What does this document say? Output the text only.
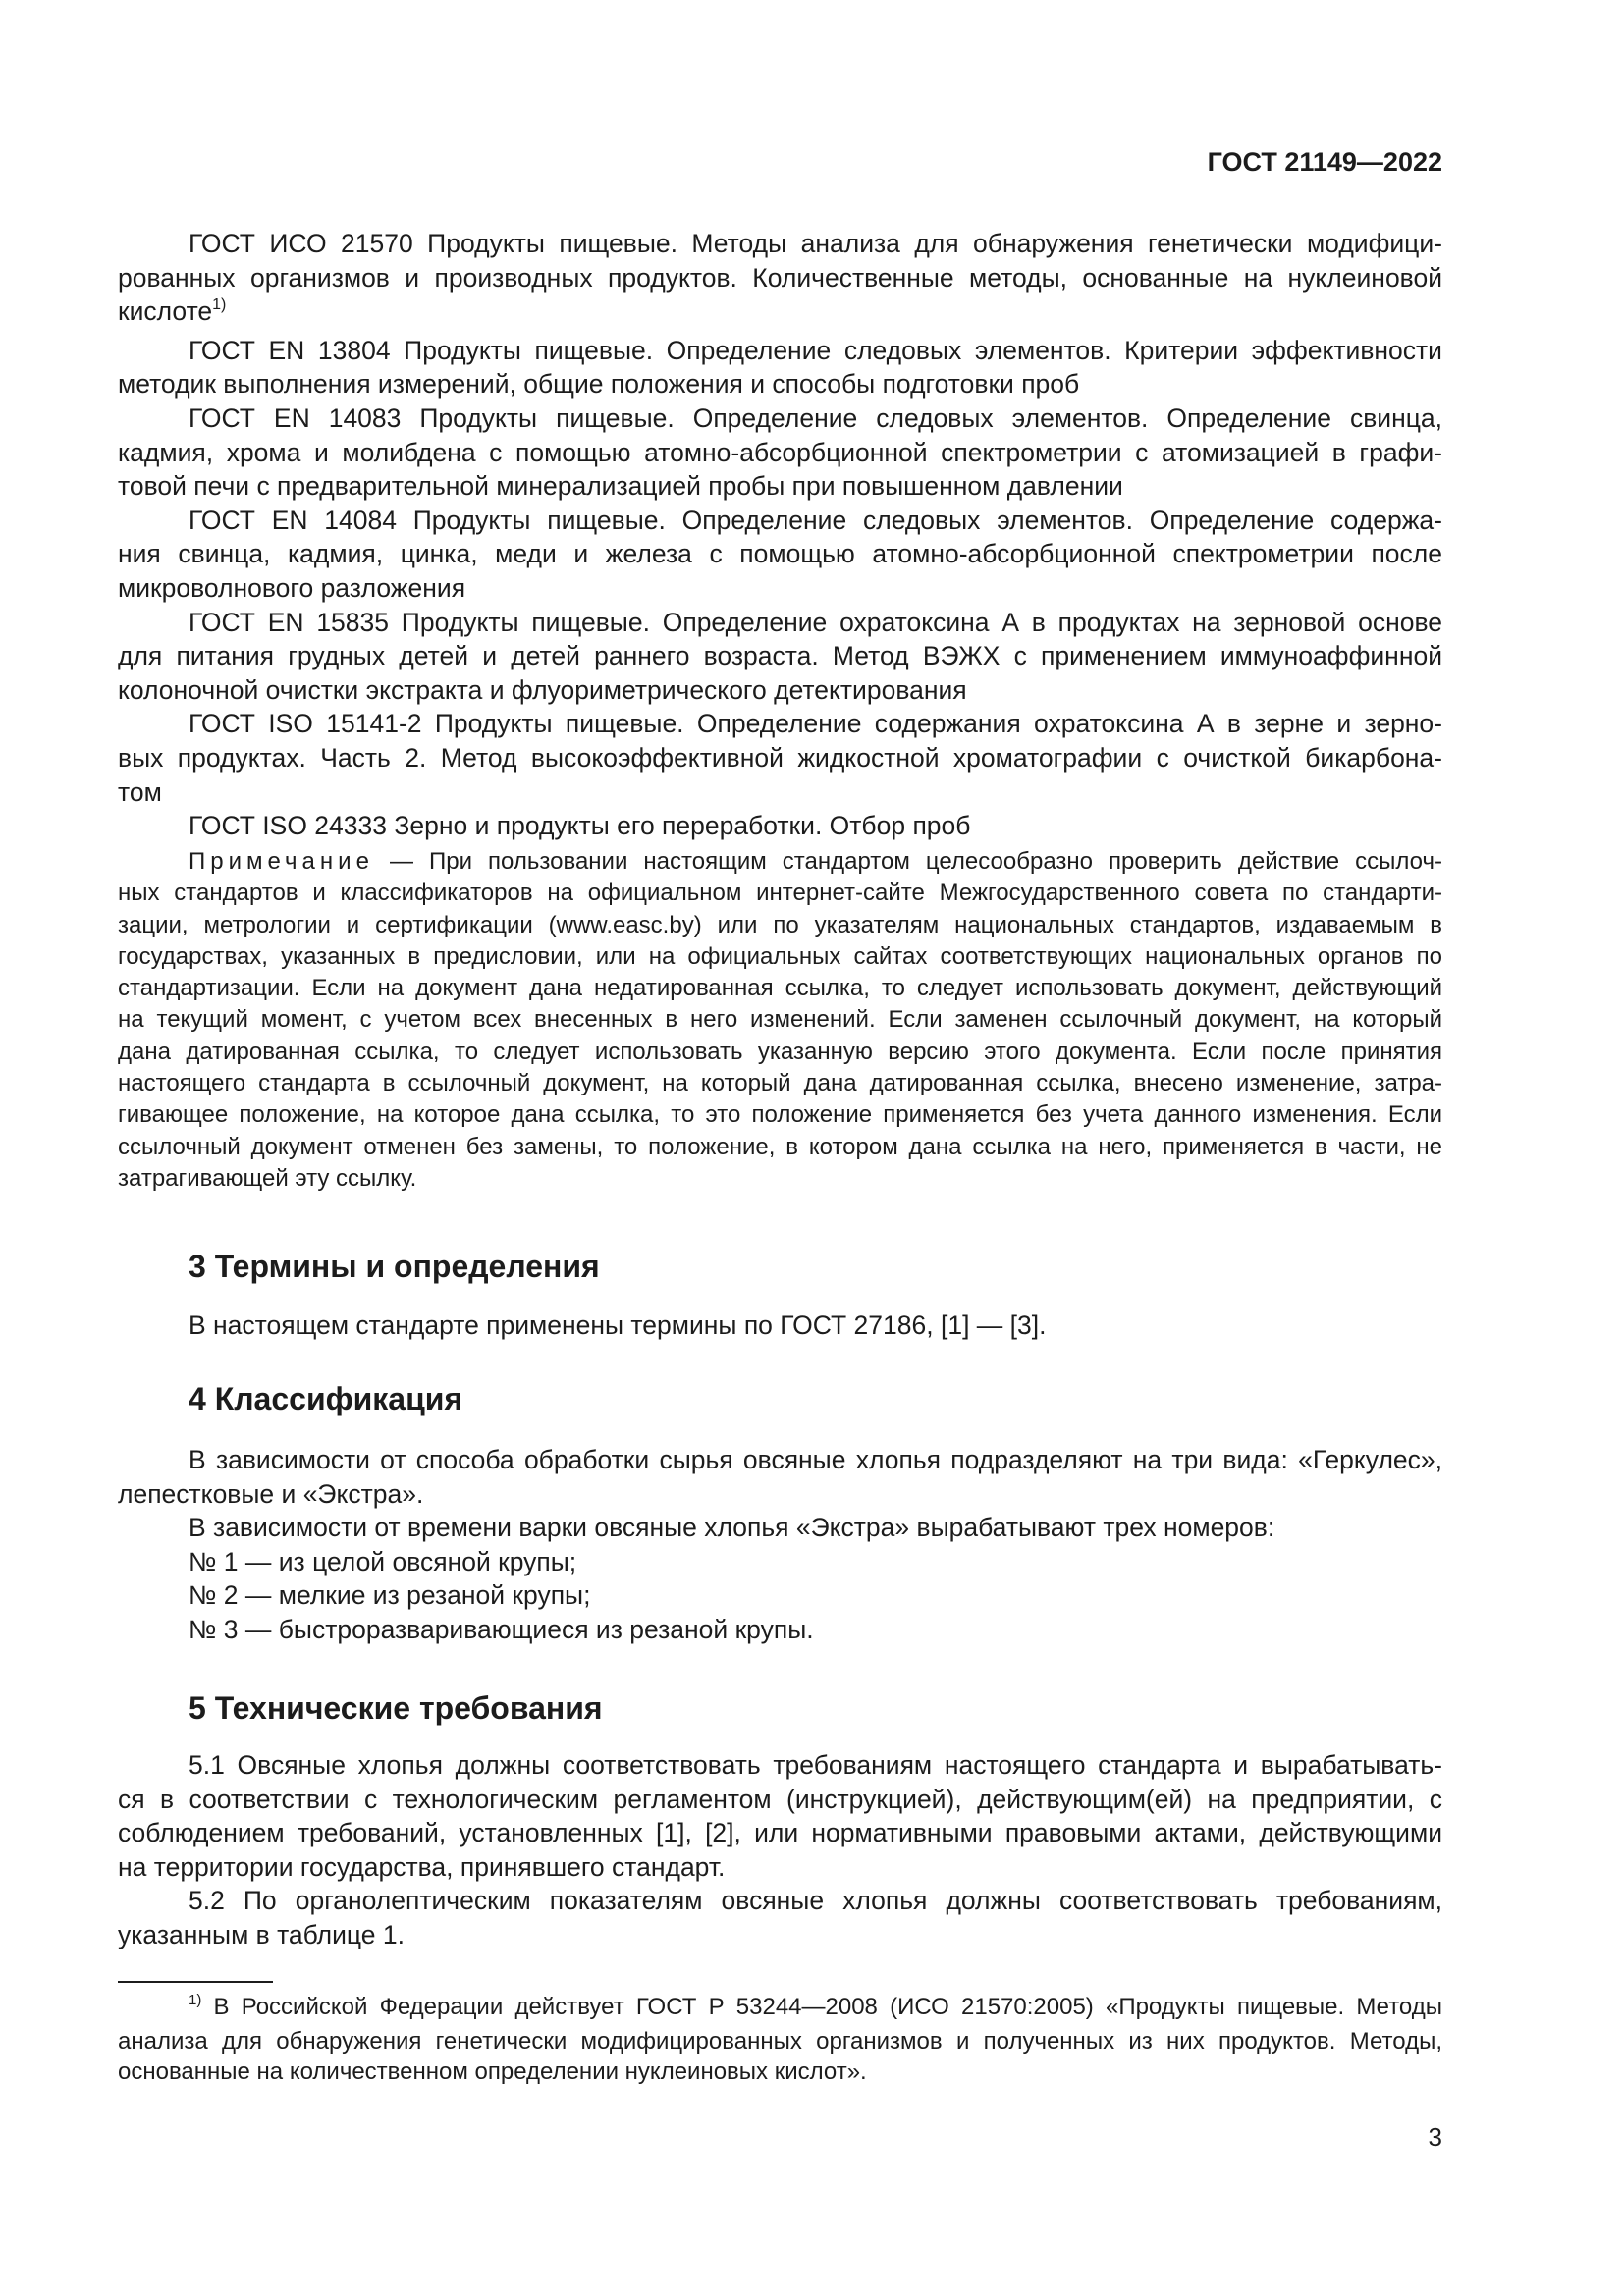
ГОСТ 21149—2022
ГОСТ ИСО 21570 Продукты пищевые. Методы анализа для обнаружения генетически модифици-
рованных организмов и производных продуктов. Количественные методы, основанные на нуклеиновой
кислоте$^{1)}$
ГОСТ EN 13804 Продукты пищевые. Определение следовых элементов. Критерии эффективности
методик выполнения измерений, общие положения и способы подготовки проб
ГОСТ EN 14083 Продукты пищевые. Определение следовых элементов. Определение свинца,
кадмия, хрома и молибдена с помощью атомно-абсорбционной спектрометрии с атомизацией в графи-
товой печи с предварительной минерализацией пробы при повышенном давлении
ГОСТ EN 14084 Продукты пищевые. Определение следовых элементов. Определение содержа-
ния свинца, кадмия, цинка, меди и железа с помощью атомно-абсорбционной спектрометрии после
микроволнового разложения
ГОСТ EN 15835 Продукты пищевые. Определение охратоксина А в продуктах на зерновой основе
для питания грудных детей и детей раннего возраста. Метод ВЭЖХ с применением иммуноаффинной
колоночной очистки экстракта и флуориметрического детектирования
ГОСТ ISO 15141-2 Продукты пищевые. Определение содержания охратоксина А в зерне и зерно-
вых продуктах. Часть 2. Метод высокоэффективной жидкостной хроматографии с очисткой бикарбона-
том
ГОСТ ISO 24333 Зерно и продукты его переработки. Отбор проб
Примечание — При пользовании настоящим стандартом целесообразно проверить действие ссылоч-
ных стандартов и классификаторов на официальном интернет-сайте Межгосударственного совета по стандарти-
зации, метрологии и сертификации (www.easc.by) или по указателям национальных стандартов, издаваемым в
государствах, указанных в предисловии, или на официальных сайтах соответствующих национальных органов по
стандартизации. Если на документ дана недатированная ссылка, то следует использовать документ, действующий
на текущий момент, с учетом всех внесенных в него изменений. Если заменен ссылочный документ, на который
дана датированная ссылка, то следует использовать указанную версию этого документа. Если после принятия
настоящего стандарта в ссылочный документ, на который дана датированная ссылка, внесено изменение, затра-
гивающее положение, на которое дана ссылка, то это положение применяется без учета данного изменения. Если
ссылочный документ отменен без замены, то положение, в котором дана ссылка на него, применяется в части, не
затрагивающей эту ссылку.
3 Термины и определения
В настоящем стандарте применены термины по ГОСТ 27186, [1] — [3].
4 Классификация
В зависимости от способа обработки сырья овсяные хлопья подразделяют на три вида: «Геркулес»,
лепестковые и «Экстра».
В зависимости от времени варки овсяные хлопья «Экстра» вырабатывают трех номеров:
№ 1 — из целой овсяной крупы;
№ 2 — мелкие из резаной крупы;
№ 3 — быстроразваривающиеся из резаной крупы.
5 Технические требования
5.1 Овсяные хлопья должны соответствовать требованиям настоящего стандарта и вырабатывать-
ся в соответствии с технологическим регламентом (инструкцией), действующим(ей) на предприятии, с
соблюдением требований, установленных [1], [2], или нормативными правовыми актами, действующими
на территории государства, принявшего стандарт.
5.2 По органолептическим показателям овсяные хлопья должны соответствовать требованиям,
указанным в таблице 1.
$^{1)}$ В Российской Федерации действует ГОСТ Р 53244—2008 (ИСО 21570:2005) «Продукты пищевые. Методы
анализа для обнаружения генетически модифицированных организмов и полученных из них продуктов. Методы,
основанные на количественном определении нуклеиновых кислот».
3
